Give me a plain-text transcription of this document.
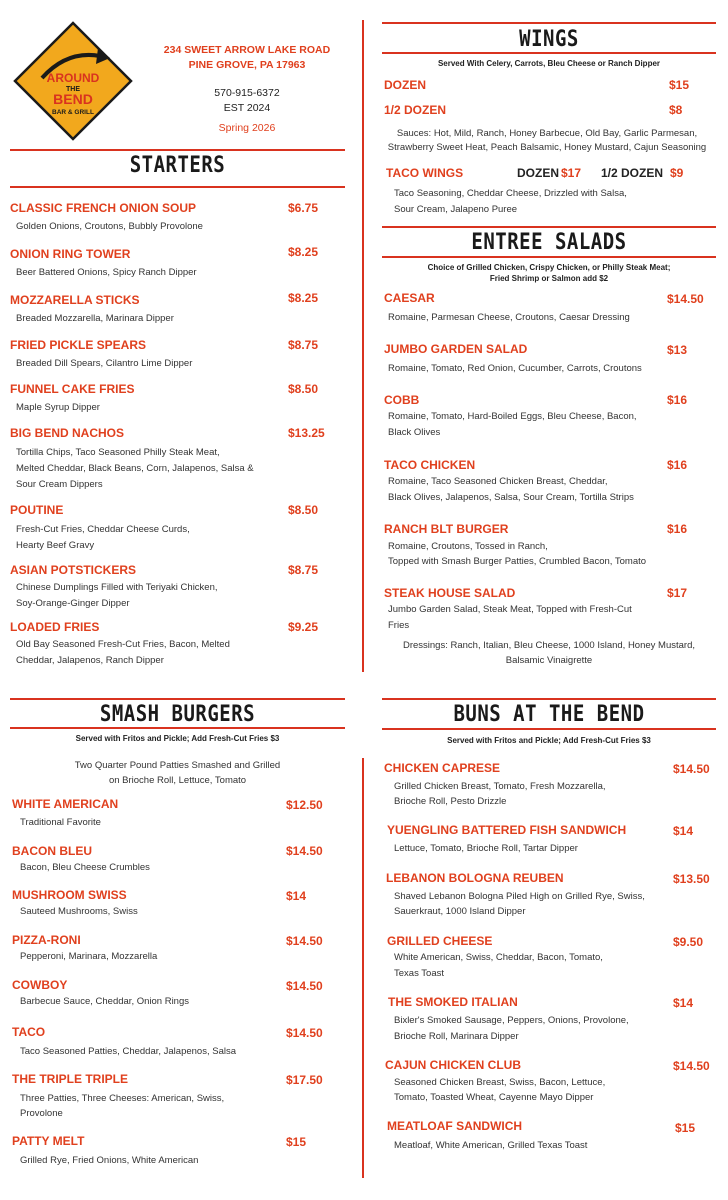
AROUND
THE
BEND
BAR & GRILL
234 SWEET ARROW LAKE ROAD
PINE GROVE, PA 17963
570-915-6372
EST 2024
Spring 2026
STARTERS
WINGS
Served With Celery, Carrots, Bleu Cheese or Ranch Dipper
ENTREE SALADS
Choice of Grilled Chicken, Crispy Chicken, or Philly Steak Meat;
Fried Shrimp or Salmon add $2
SMASH BURGERS
Served with Fritos and Pickle; Add Fresh-Cut Fries $3
Two Quarter Pound Patties Smashed and Grilled
on Brioche Roll, Lettuce, Tomato
BUNS AT THE BEND
Served with Fritos and Pickle; Add Fresh-Cut Fries $3
CLASSIC FRENCH ONION SOUP	$6.75
Golden Onions, Croutons, Bubbly Provolone
ONION RING TOWER	$8.25
Beer Battered Onions, Spicy Ranch Dipper
MOZZARELLA STICKS	$8.25
Breaded Mozzarella, Marinara Dipper
FRIED PICKLE SPEARS	$8.75
Breaded Dill Spears, Cilantro Lime Dipper
FUNNEL CAKE FRIES	$8.50
Maple Syrup Dipper
BIG BEND NACHOS	$13.25
Tortilla Chips, Taco Seasoned Philly Steak Meat,
Melted Cheddar, Black Beans, Corn, Jalapenos, Salsa &
Sour Cream Dippers
POUTINE	$8.50
Fresh-Cut Fries, Cheddar Cheese Curds,
Hearty Beef Gravy
ASIAN POTSTICKERS	$8.75
Chinese Dumplings Filled with Teriyaki Chicken,
Soy-Orange-Ginger Dipper
LOADED FRIES	$9.25
Old Bay Seasoned Fresh-Cut Fries, Bacon, Melted
Cheddar, Jalapenos, Ranch Dipper
DOZEN	$15
1/2 DOZEN	$8
Sauces: Hot, Mild, Ranch, Honey Barbecue, Old Bay, Garlic Parmesan,
Strawberry Sweet Heat, Peach Balsamic, Honey Mustard, Cajun Seasoning
TACO WINGS	DOZEN $17 1/2 DOZEN $9
Taco Seasoning, Cheddar Cheese, Drizzled with Salsa,
Sour Cream, Jalapeno Puree
CAESAR	$14.50
Romaine, Parmesan Cheese, Croutons, Caesar Dressing
JUMBO GARDEN SALAD	$13
Romaine, Tomato, Red Onion, Cucumber, Carrots, Croutons
COBB	$16
Romaine, Tomato, Hard-Boiled Eggs, Bleu Cheese, Bacon,
Black Olives
TACO CHICKEN	$16
Romaine, Taco Seasoned Chicken Breast, Cheddar,
Black Olives, Jalapenos, Salsa, Sour Cream, Tortilla Strips
RANCH BLT BURGER	$16
Romaine, Croutons, Tossed in Ranch,
Topped with Smash Burger Patties, Crumbled Bacon, Tomato
STEAK HOUSE SALAD	$17
Jumbo Garden Salad, Steak Meat, Topped with Fresh-Cut
Fries
Dressings: Ranch, Italian, Bleu Cheese, 1000 Island, Honey Mustard,
Balsamic Vinaigrette
WHITE AMERICAN	$12.50
Traditional Favorite
BACON BLEU	$14.50
Bacon, Bleu Cheese Crumbles
MUSHROOM SWISS	$14
Sauteed Mushrooms, Swiss
PIZZA-RONI	$14.50
Pepperoni, Marinara, Mozzarella
COWBOY	$14.50
Barbecue Sauce, Cheddar, Onion Rings
TACO	$14.50
Taco Seasoned Patties, Cheddar, Jalapenos, Salsa
THE TRIPLE TRIPLE	$17.50
Three Patties, Three Cheeses: American, Swiss,
Provolone
PATTY MELT	$15
Grilled Rye, Fried Onions, White American
CHICKEN CAPRESE	$14.50
Grilled Chicken Breast, Tomato, Fresh Mozzarella,
Brioche Roll, Pesto Drizzle
YUENGLING BATTERED FISH SANDWICH	$14
Lettuce, Tomato, Brioche Roll, Tartar Dipper
LEBANON BOLOGNA REUBEN	$13.50
Shaved Lebanon Bologna Piled High on Grilled Rye, Swiss,
Sauerkraut, 1000 Island Dipper
GRILLED CHEESE	$9.50
White American, Swiss, Cheddar, Bacon, Tomato,
Texas Toast
THE SMOKED ITALIAN	$14
Bixler's Smoked Sausage, Peppers, Onions, Provolone,
Brioche Roll, Marinara Dipper
CAJUN CHICKEN CLUB	$14.50
Seasoned Chicken Breast, Swiss, Bacon, Lettuce,
Tomato, Toasted Wheat, Cayenne Mayo Dipper
MEATLOAF SANDWICH	$15
Meatloaf, White American, Grilled Texas Toast
